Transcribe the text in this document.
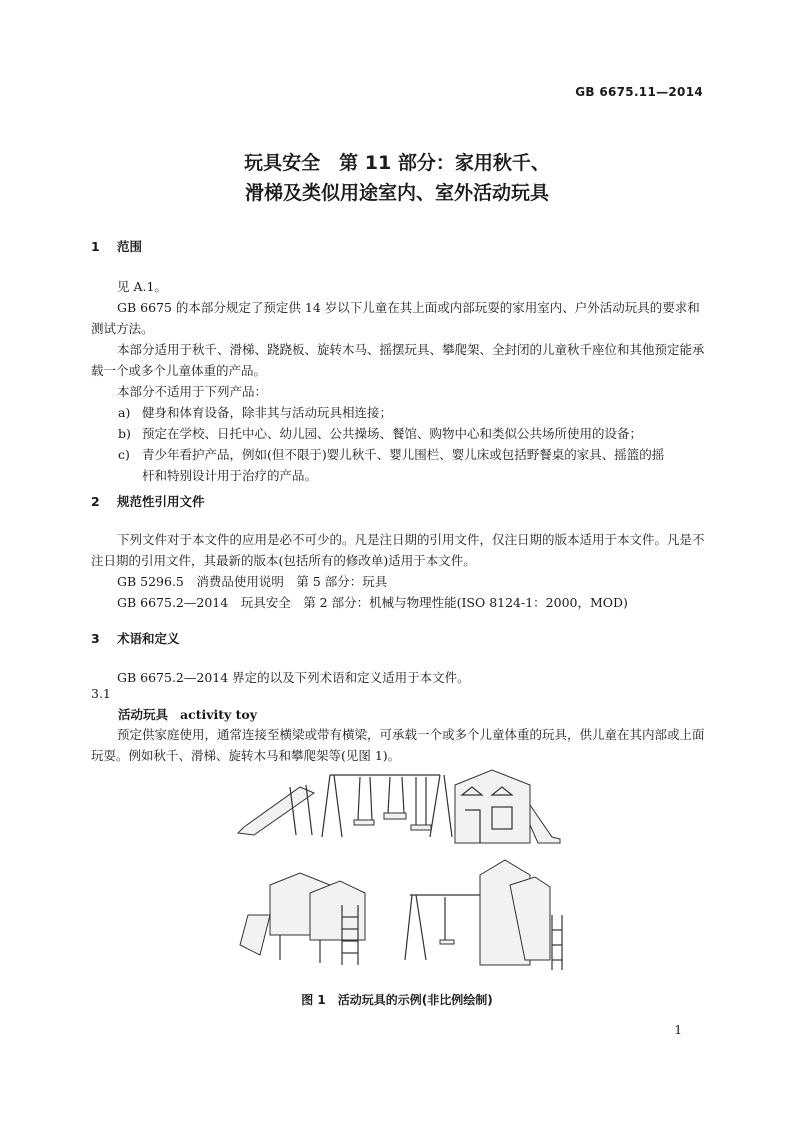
GB 6675.11—2014
玩具安全　第 11 部分：家用秋千、
滑梯及类似用途室内、室外活动玩具
1 范围
见 A.1。
GB 6675 的本部分规定了预定供 14 岁以下儿童在其上面或内部玩耍的家用室内、户外活动玩具的要求和测试方法。
本部分适用于秋千、滑梯、跷跷板、旋转木马、摇摆玩具、攀爬架、全封闭的儿童秋千座位和其他预定能承载一个或多个儿童体重的产品。
本部分不适用于下列产品：
a) 健身和体育设备，除非其与活动玩具相连接；
b) 预定在学校、日托中心、幼儿园、公共操场、餐馆、购物中心和类似公共场所使用的设备；
c) 青少年看护产品，例如(但不限于)婴儿秋千、婴儿围栏、婴儿床或包括野餐桌的家具、摇篮的摇
杆和特别设计用于治疗的产品。
2 规范性引用文件
下列文件对于本文件的应用是必不可少的。凡是注日期的引用文件，仅注日期的版本适用于本文件。凡是不注日期的引用文件，其最新的版本(包括所有的修改单)适用于本文件。
GB 5296.5　消费品使用说明　第 5 部分：玩具
GB 6675.2—2014　玩具安全　第 2 部分：机械与物理性能(ISO 8124-1：2000，MOD)
3 术语和定义
GB 6675.2—2014 界定的以及下列术语和定义适用于本文件。
3.1
活动玩具 activity toy
预定供家庭使用，通常连接至横梁或带有横梁，可承载一个或多个儿童体重的玩具，供儿童在其内部或上面玩耍。例如秋千、滑梯、旋转木马和攀爬架等(见图 1)。
图 1　活动玩具的示例(非比例绘制)
1
